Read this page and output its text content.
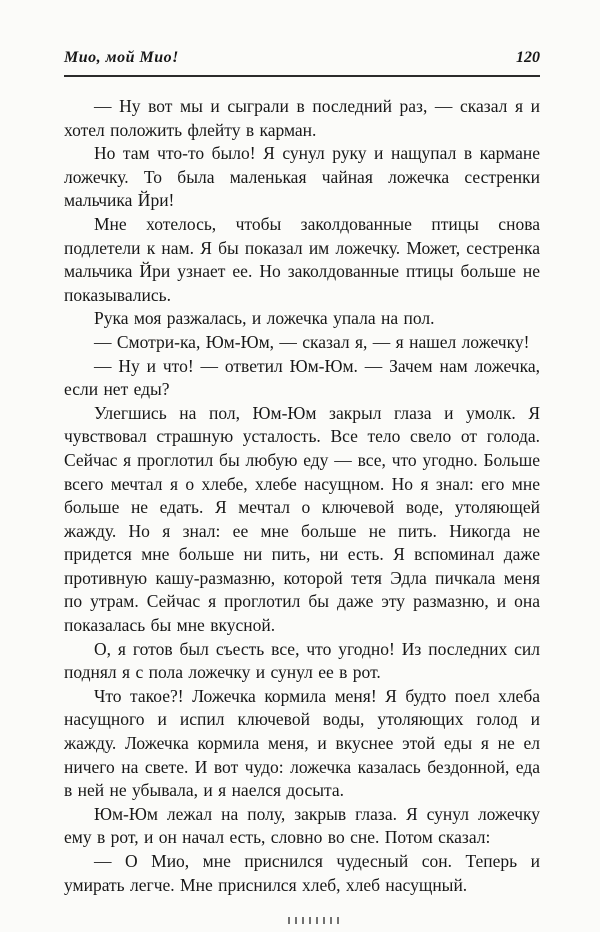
Мио, мой Мио!	120

— Ну вот мы и сыграли в последний раз, — сказал я и хотел положить флейту в карман.

Но там что-то было! Я сунул руку и нащупал в кармане ложечку. То была маленькая чайная ложечка сестренки мальчика Йри!

Мне хотелось, чтобы заколдованные птицы снова подлетели к нам. Я бы показал им ложечку. Может, сестренка мальчика Йри узнает ее. Но заколдованные птицы больше не показывались.

Рука моя разжалась, и ложечка упала на пол.

— Смотри-ка, Юм-Юм, — сказал я, — я нашел ложечку!

— Ну и что! — ответил Юм-Юм. — Зачем нам ложечка, если нет еды?

Улегшись на пол, Юм-Юм закрыл глаза и умолк. Я чувствовал страшную усталость. Все тело свело от голода. Сейчас я проглотил бы любую еду — все, что угодно. Больше всего мечтал я о хлебе, хлебе насущном. Но я знал: его мне больше не едать. Я мечтал о ключевой воде, утоляющей жажду. Но я знал: ее мне больше не пить. Никогда не придется мне больше ни пить, ни есть. Я вспоминал даже противную кашу-размазню, которой тетя Эдла пичкала меня по утрам. Сейчас я проглотил бы даже эту размазню, и она показалась бы мне вкусной.

О, я готов был съесть все, что угодно! Из последних сил поднял я с пола ложечку и сунул ее в рот.

Что такое?! Ложечка кормила меня! Я будто поел хлеба насущного и испил ключевой воды, утоляющих голод и жажду. Ложечка кормила меня, и вкуснее этой еды я не ел ничего на свете. И вот чудо: ложечка казалась бездонной, еда в ней не убывала, и я наелся досыта.

Юм-Юм лежал на полу, закрыв глаза. Я сунул ложечку ему в рот, и он начал есть, словно во сне. Потом сказал:

— О Мио, мне приснился чудесный сон. Теперь и умирать легче. Мне приснился хлеб, хлеб насущный.
